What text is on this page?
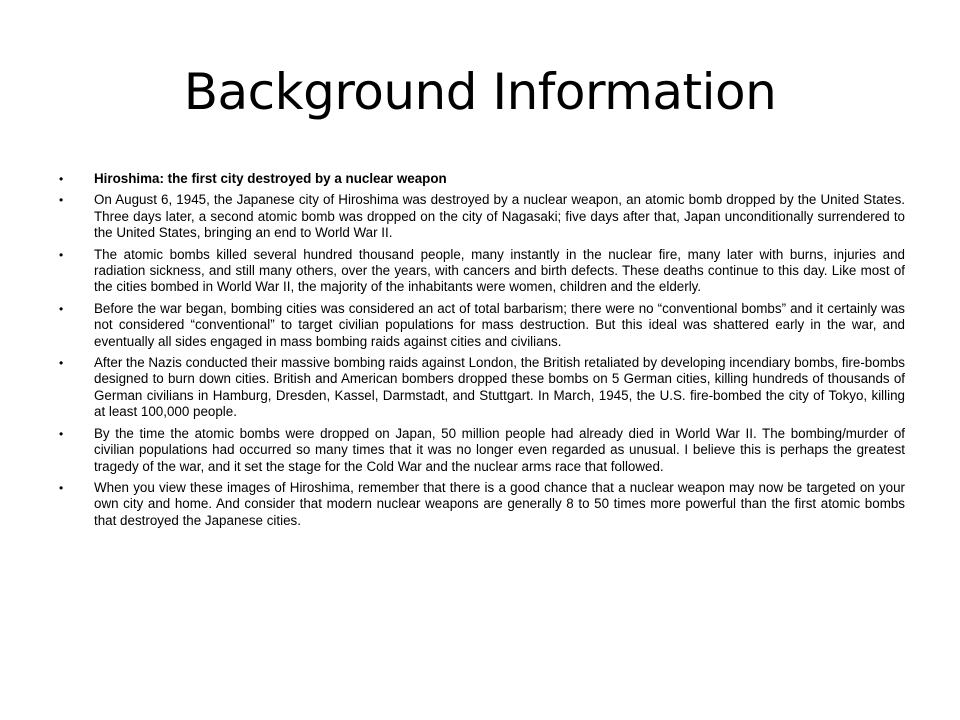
Background Information
•	Hiroshima: the first city destroyed by a nuclear weapon
•	On August 6, 1945, the Japanese city of Hiroshima was destroyed by a nuclear weapon, an atomic bomb dropped by the United States. Three days later, a second atomic bomb was dropped on the city of Nagasaki; five days after that, Japan unconditionally surrendered to the United States, bringing an end to World War II.
•	The atomic bombs killed several hundred thousand people, many instantly in the nuclear fire, many later with burns, injuries and radiation sickness, and still many others, over the years, with cancers and birth defects. These deaths continue to this day. Like most of the cities bombed in World War II, the majority of the inhabitants were women, children and the elderly.
•	Before the war began, bombing cities was considered an act of total barbarism; there were no “conventional bombs” and it certainly was not considered “conventional” to target civilian populations for mass destruction. But this ideal was shattered early in the war, and eventually all sides engaged in mass bombing raids against cities and civilians.
•	After the Nazis conducted their massive bombing raids against London, the British retaliated by developing incendiary bombs, fire-bombs designed to burn down cities. British and American bombers dropped these bombs on 5 German cities, killing hundreds of thousands of German civilians in Hamburg, Dresden, Kassel, Darmstadt, and Stuttgart. In March, 1945, the U.S. fire-bombed the city of Tokyo, killing at least 100,000 people.
•	By the time the atomic bombs were dropped on Japan, 50 million people had already died in World War II. The bombing/murder of civilian populations had occurred so many times that it was no longer even regarded as unusual. I believe this is perhaps the greatest tragedy of the war, and it set the stage for the Cold War and the nuclear arms race that followed.
•	When you view these images of Hiroshima, remember that there is a good chance that a nuclear weapon may now be targeted on your own city and home. And consider that modern nuclear weapons are generally 8 to 50 times more powerful than the first atomic bombs that destroyed the Japanese cities.
